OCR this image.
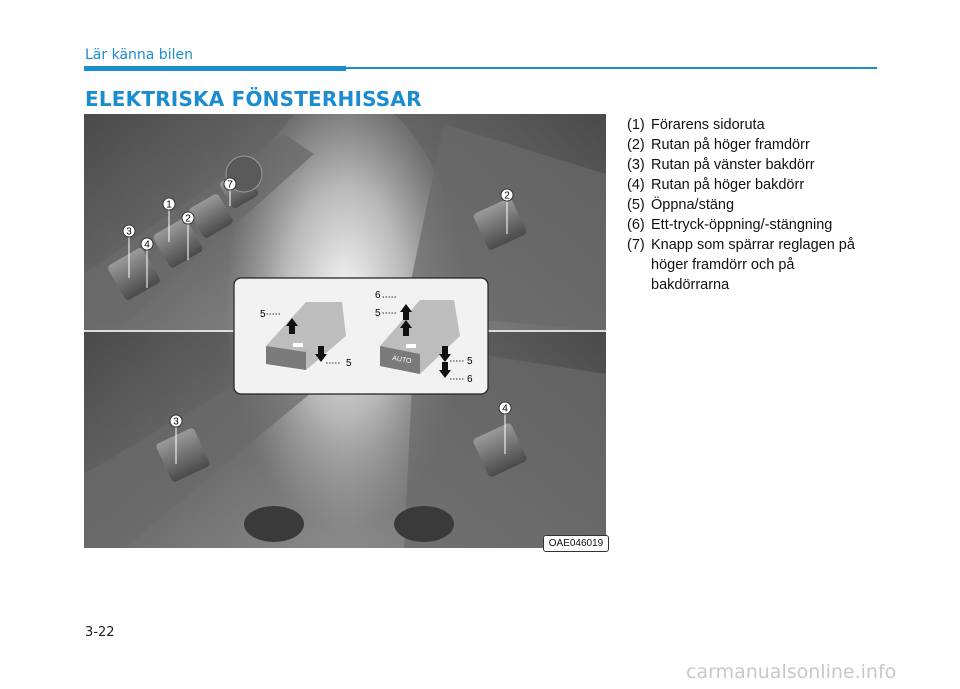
Lär känna bilen
ELEKTRISKA FÖNSTERHISSAR
1
2
3
4
7
2
3
4
5
5	AUTO
6
5
5
6
OAE046019
(1) Förarens sidoruta
(2) Rutan på höger framdörr
(3) Rutan på vänster bakdörr
(4) Rutan på höger bakdörr
(5) Öppna/stäng
(6) Ett-tryck-öppning/-stängning
(7) Knapp som spärrar reglagen på
höger framdörr och på
bakdörrarna
3-22
carmanualsonline.info
